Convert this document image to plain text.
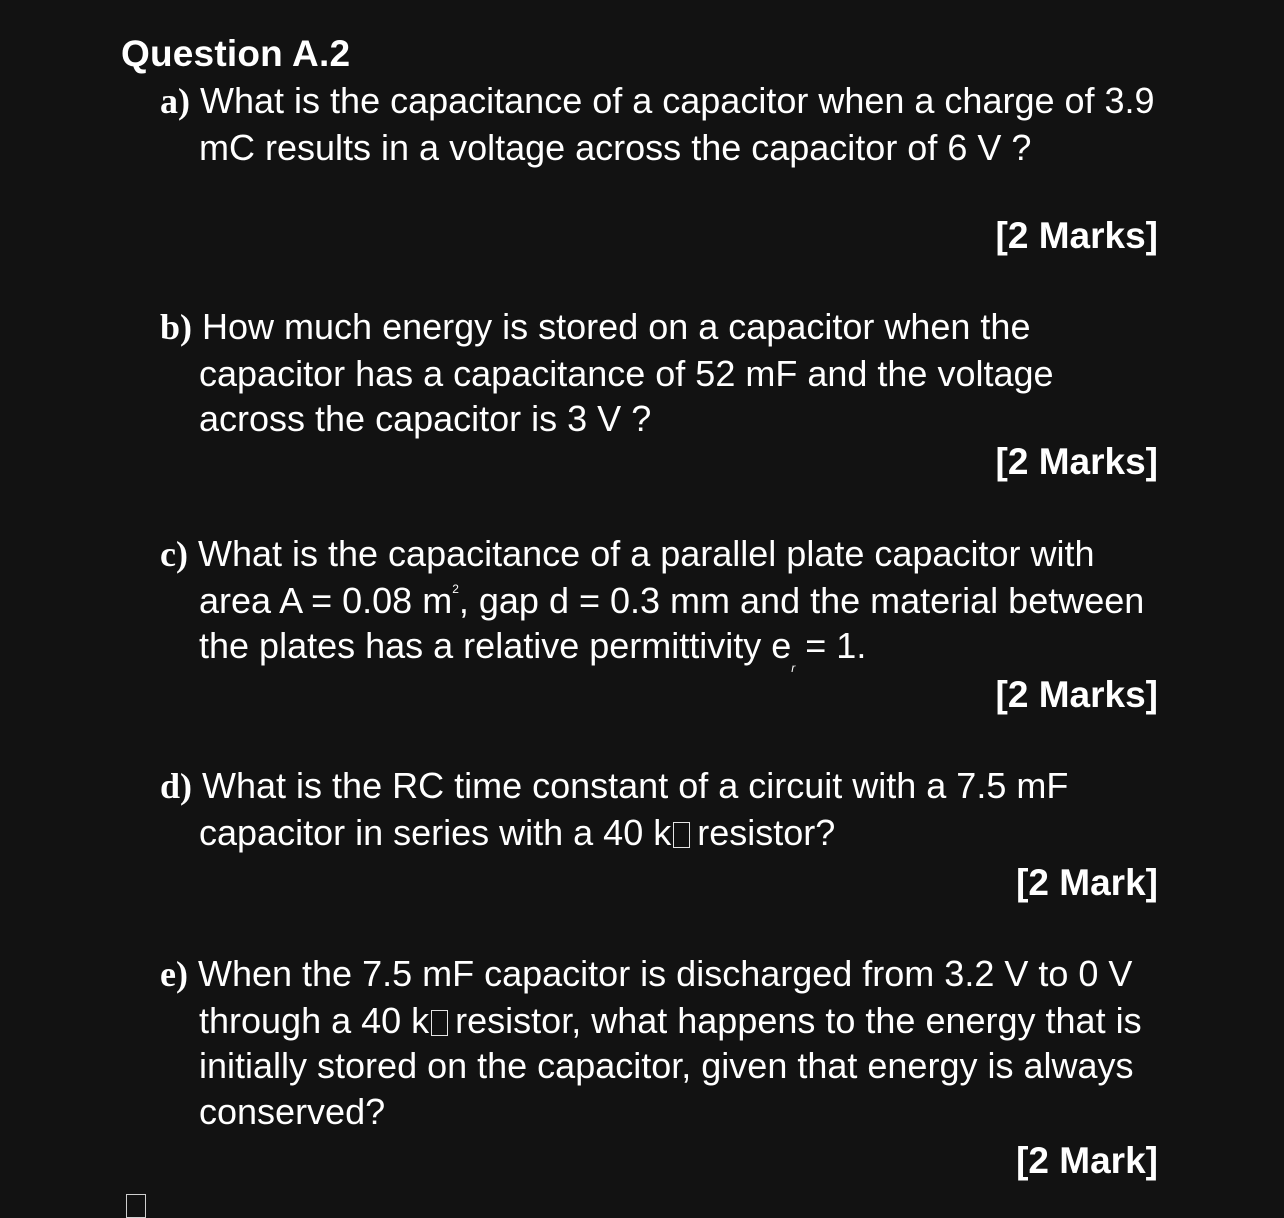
Question A.2
a) What is the capacitance of a capacitor when a charge of 3.9 mC results in a voltage across the capacitor of 6 V ?
[2 Marks]
b) How much energy is stored on a capacitor when the capacitor has a capacitance of 52 mF and the voltage across the capacitor is 3 V ?
[2 Marks]
c) What is the capacitance of a parallel plate capacitor with area A = 0.08 $m^2$, gap d = 0.3 mm and the material between the plates has a relative permittivity $e_r = 1$.
[2 Marks]
d) What is the RC time constant of a circuit with a 7.5 mF capacitor in series with a 40 k resistor?
[2 Mark]
e) When the 7.5 mF capacitor is discharged from 3.2 V to 0 V through a 40 k resistor, what happens to the energy that is initially stored on the capacitor, given that energy is always conserved?
[2 Mark]
